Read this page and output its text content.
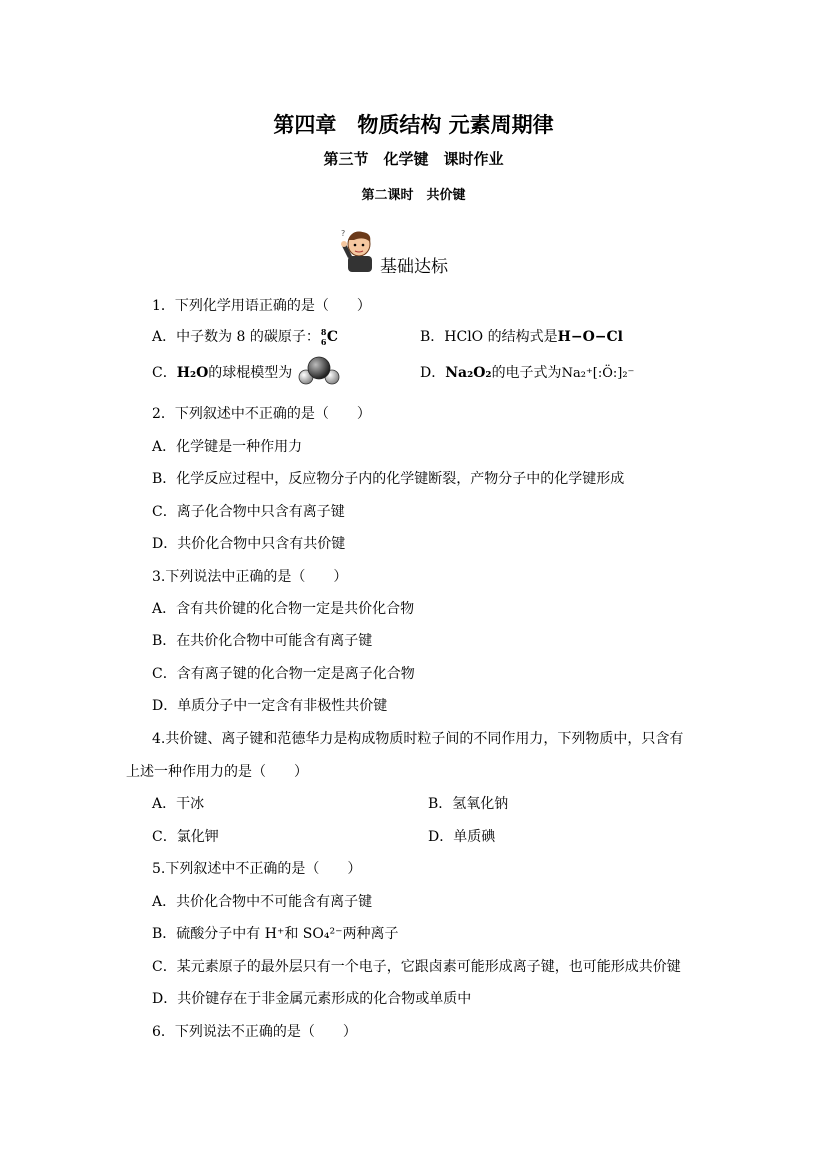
第四章　物质结构 元素周期律
第三节　化学键　课时作业
第二课时　共价键
?
基础达标
1．下列化学用语正确的是（　　）
A．中子数为 8 的碳原子： 8
6 C	B．HClO 的结构式是H−O−Cl
C．H₂O的球棍模型为	D．Na₂O₂的电子式为Na₂⁺[:Ö:]₂⁻
2．下列叙述中不正确的是（　　）
A．化学键是一种作用力
B．化学反应过程中，反应物分子内的化学键断裂，产物分子中的化学键形成
C．离子化合物中只含有离子键
D．共价化合物中只含有共价键
3.下列说法中正确的是（　　）
A．含有共价键的化合物一定是共价化合物
B．在共价化合物中可能含有离子键
C．含有离子键的化合物一定是离子化合物
D．单质分子中一定含有非极性共价键
4.共价键、离子键和范德华力是构成物质时粒子间的不同作用力，下列物质中，只含有
上述一种作用力的是（　　）
A．干冰	B．氢氧化钠
C．氯化钾	D．单质碘
5.下列叙述中不正确的是（　　）
A．共价化合物中不可能含有离子键
B．硫酸分子中有 H⁺和 SO₄²⁻两种离子
C．某元素原子的最外层只有一个电子，它跟卤素可能形成离子键，也可能形成共价键
D．共价键存在于非金属元素形成的化合物或单质中
6．下列说法不正确的是（　　）
